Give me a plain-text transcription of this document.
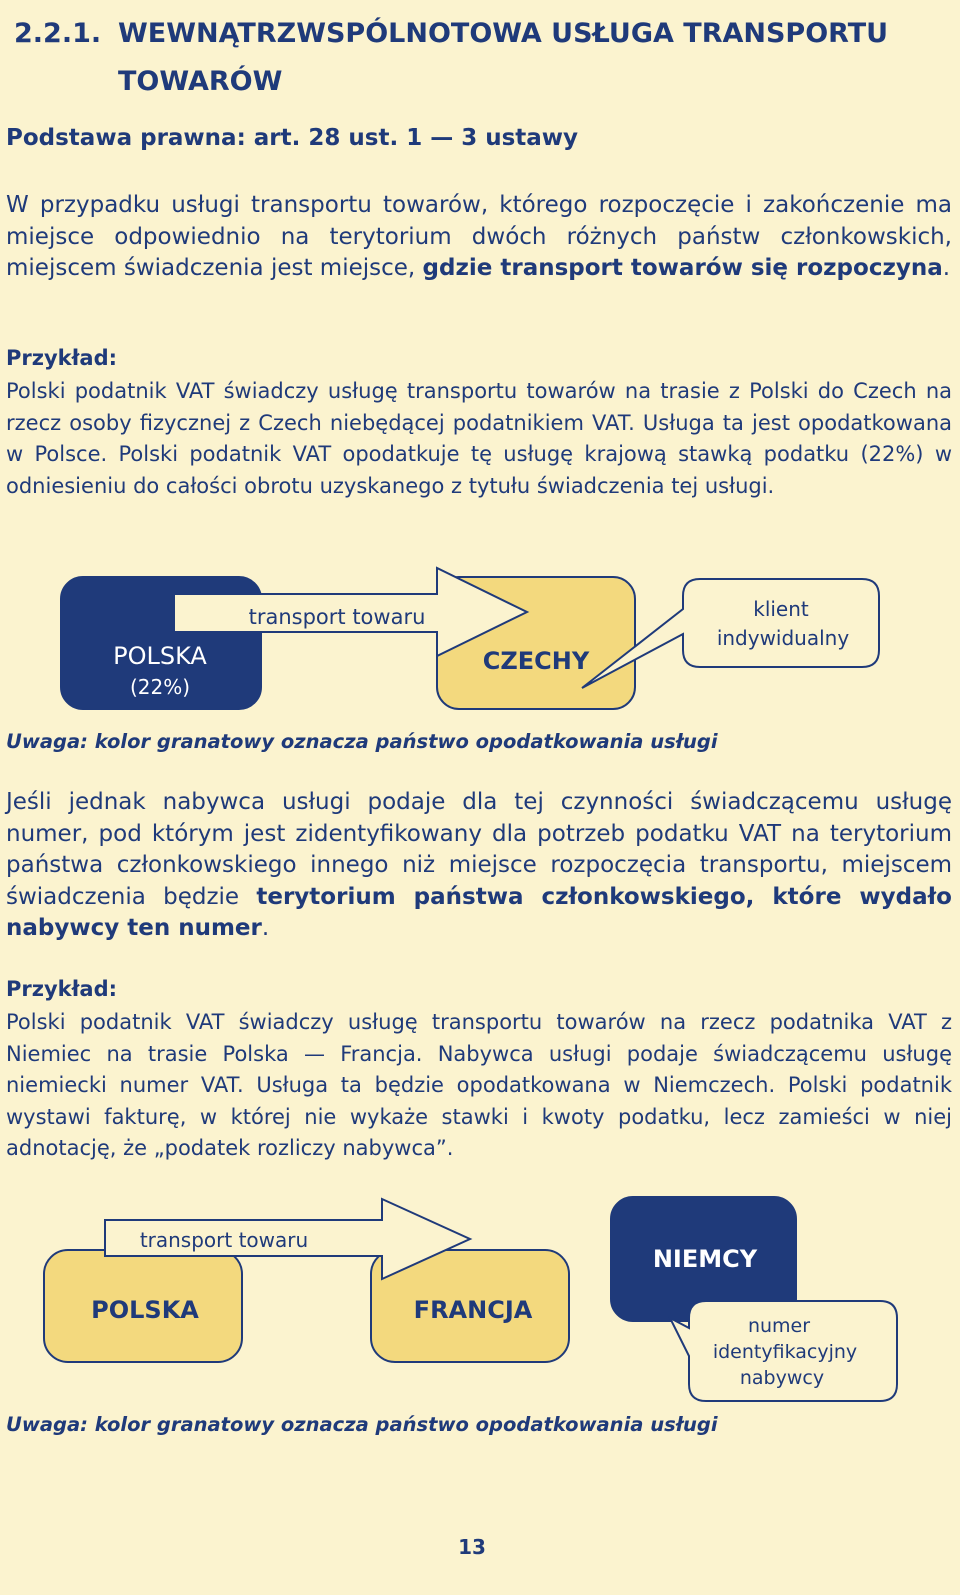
2.2.1. WEWNĄTRZWSPÓLNOTOWA USŁUGA TRANSPORTU
TOWARÓW
Podstawa prawna: art. 28 ust. 1 — 3 ustawy

W przypadku usługi transportu towarów, którego rozpoczęcie i zakończenie ma miejsce odpowiednio na terytorium dwóch różnych państw członkowskich, miejscem świadczenia jest miejsce, gdzie transport towarów się rozpoczyna.

Przykład:

Polski podatnik VAT świadczy usługę transportu towarów na trasie z Polski do Czech na rzecz osoby fizycznej z Czech niebędącej podatnikiem VAT. Usługa ta jest opodatkowana w Polsce. Polski podatnik VAT opodatkuje tę usługę krajową stawką podatku (22%) w odniesieniu do całości obrotu uzyskanego z tytułu świadczenia tej usługi.

transport towaru
POLSKA
(22%)
CZECHY
klient
indywidualny
transport towaru
POLSKA	FRANCJA
NIEMCY
numer
identyfikacyjny
nabywcy
Uwaga: kolor granatowy oznacza państwo opodatkowania usługi

Jeśli jednak nabywca usługi podaje dla tej czynności świadczącemu usługę numer, pod którym jest zidentyfikowany dla potrzeb podatku VAT na terytorium państwa członkowskiego innego niż miejsce rozpoczęcia transportu, miejscem świadczenia będzie terytorium państwa członkowskiego, które wydało nabywcy ten numer.

Przykład:

Polski podatnik VAT świadczy usługę transportu towarów na rzecz podatnika VAT z Niemiec na trasie Polska — Francja. Nabywca usługi podaje świadczącemu usługę niemiecki numer VAT. Usługa ta będzie opodatkowana w Niemczech. Polski podatnik wystawi fakturę, w której nie wykaże stawki i kwoty podatku, lecz zamieści w niej adnotację, że „podatek rozliczy nabywca”.

Uwaga: kolor granatowy oznacza państwo opodatkowania usługi
13
